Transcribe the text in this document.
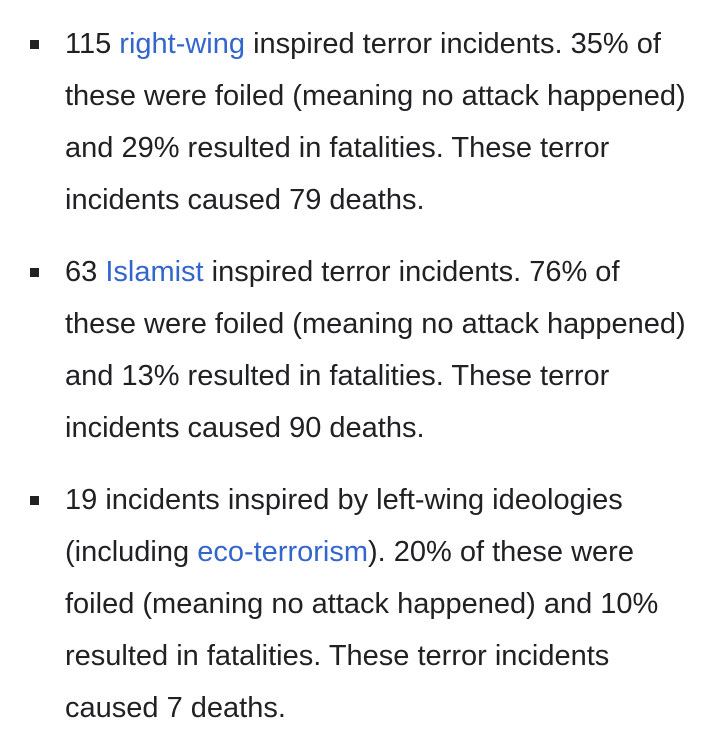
115 right-wing inspired terror incidents. 35% of these were foiled (meaning no attack happened) and 29% resulted in fatalities. These terror incidents caused 79 deaths.
63 Islamist inspired terror incidents. 76% of these were foiled (meaning no attack happened) and 13% resulted in fatalities. These terror incidents caused 90 deaths.
19 incidents inspired by left-wing ideologies (including eco-terrorism). 20% of these were foiled (meaning no attack happened) and 10% resulted in fatalities. These terror incidents caused 7 deaths.
